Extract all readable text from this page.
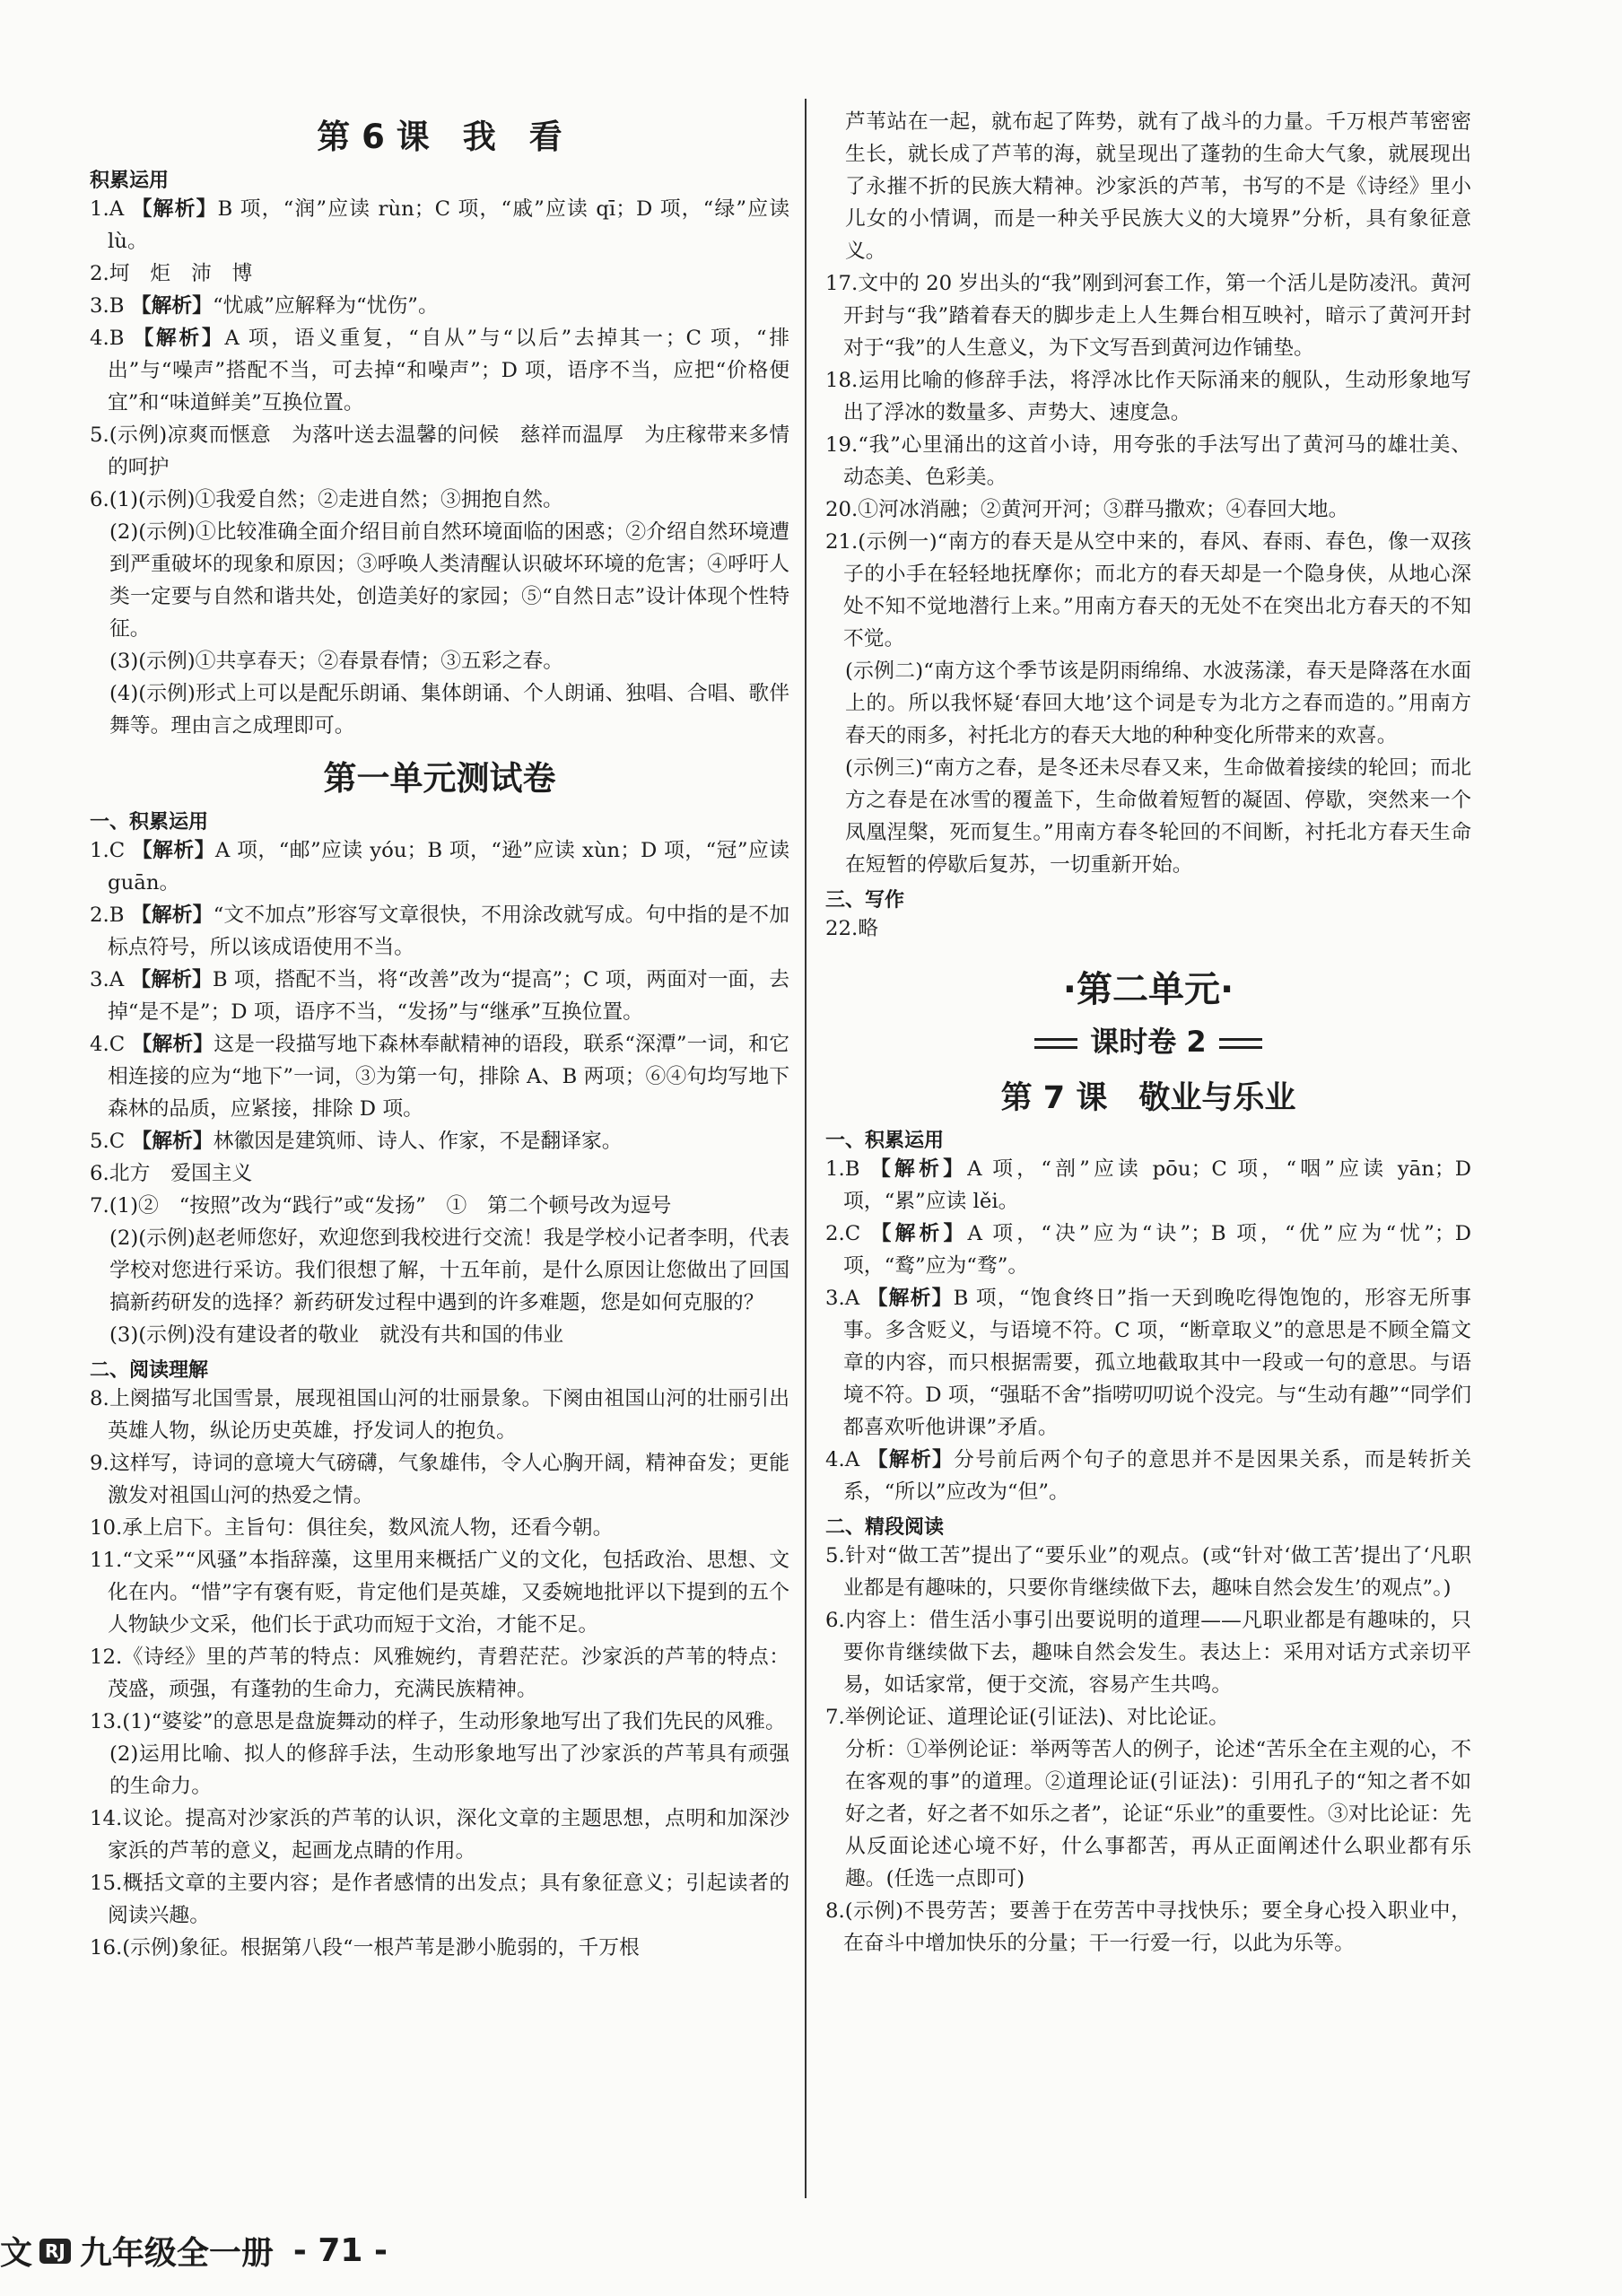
第 6 课　我　看
积累运用

1.A 【解析】B 项，“润”应读 rùn；C 项，“戚”应读 qī；D 项，“绿”应读 lù。

2.坷　炬　沛　博

3.B 【解析】“忧戚”应解释为“忧伤”。

4.B 【解析】A 项，语义重复，“自从”与“以后”去掉其一；C 项，“排出”与“噪声”搭配不当，可去掉“和噪声”；D 项，语序不当，应把“价格便宜”和“味道鲜美”互换位置。

5.(示例)凉爽而惬意　为落叶送去温馨的问候　慈祥而温厚　为庄稼带来多情的呵护

6.(1)(示例)①我爱自然；②走进自然；③拥抱自然。

(2)(示例)①比较准确全面介绍目前自然环境面临的困惑；②介绍自然环境遭到严重破坏的现象和原因；③呼唤人类清醒认识破坏环境的危害；④呼吁人类一定要与自然和谐共处，创造美好的家园；⑤“自然日志”设计体现个性特征。

(3)(示例)①共享春天；②春景春情；③五彩之春。

(4)(示例)形式上可以是配乐朗诵、集体朗诵、个人朗诵、独唱、合唱、歌伴舞等。理由言之成理即可。

第一单元测试卷
一、积累运用

1.C 【解析】A 项，“邮”应读 yóu；B 项，“逊”应读 xùn；D 项，“冠”应读 guān。

2.B 【解析】“文不加点”形容写文章很快，不用涂改就写成。句中指的是不加标点符号，所以该成语使用不当。

3.A 【解析】B 项，搭配不当，将“改善”改为“提高”；C 项，两面对一面，去掉“是不是”；D 项，语序不当，“发扬”与“继承”互换位置。

4.C 【解析】这是一段描写地下森林奉献精神的语段，联系“深潭”一词，和它相连接的应为“地下”一词，③为第一句，排除 A、B 两项；⑥④句均写地下森林的品质，应紧接，排除 D 项。

5.C 【解析】林徽因是建筑师、诗人、作家，不是翻译家。

6.北方　爱国主义

7.(1)②　“按照”改为“践行”或“发扬”　①　第二个顿号改为逗号

(2)(示例)赵老师您好，欢迎您到我校进行交流！我是学校小记者李明，代表学校对您进行采访。我们很想了解，十五年前，是什么原因让您做出了回国搞新药研发的选择？新药研发过程中遇到的许多难题，您是如何克服的？

(3)(示例)没有建设者的敬业　就没有共和国的伟业

二、阅读理解

8.上阕描写北国雪景，展现祖国山河的壮丽景象。下阕由祖国山河的壮丽引出英雄人物，纵论历史英雄，抒发词人的抱负。

9.这样写，诗词的意境大气磅礴，气象雄伟，令人心胸开阔，精神奋发；更能激发对祖国山河的热爱之情。

10.承上启下。主旨句：俱往矣，数风流人物，还看今朝。

11.“文采”“风骚”本指辞藻，这里用来概括广义的文化，包括政治、思想、文化在内。“惜”字有褒有贬，肯定他们是英雄，又委婉地批评以下提到的五个人物缺少文采，他们长于武功而短于文治，才能不足。

12.《诗经》里的芦苇的特点：风雅婉约，青碧茫茫。沙家浜的芦苇的特点：茂盛，顽强，有蓬勃的生命力，充满民族精神。

13.(1)“婆娑”的意思是盘旋舞动的样子，生动形象地写出了我们先民的风雅。

(2)运用比喻、拟人的修辞手法，生动形象地写出了沙家浜的芦苇具有顽强的生命力。

14.议论。提高对沙家浜的芦苇的认识，深化文章的主题思想，点明和加深沙家浜的芦苇的意义，起画龙点睛的作用。

15.概括文章的主要内容；是作者感情的出发点；具有象征意义；引起读者的阅读兴趣。

16.(示例)象征。根据第八段“一根芦苇是渺小脆弱的，千万根

芦苇站在一起，就布起了阵势，就有了战斗的力量。千万根芦苇密密生长，就长成了芦苇的海，就呈现出了蓬勃的生命大气象，就展现出了永摧不折的民族大精神。沙家浜的芦苇，书写的不是《诗经》里小儿女的小情调，而是一种关乎民族大义的大境界”分析，具有象征意义。

17.文中的 20 岁出头的“我”刚到河套工作，第一个活儿是防凌汛。黄河开封与“我”踏着春天的脚步走上人生舞台相互映衬，暗示了黄河开封对于“我”的人生意义，为下文写吾到黄河边作铺垫。

18.运用比喻的修辞手法，将浮冰比作天际涌来的舰队，生动形象地写出了浮冰的数量多、声势大、速度急。

19.“我”心里涌出的这首小诗，用夸张的手法写出了黄河马的雄壮美、动态美、色彩美。

20.①河冰消融；②黄河开河；③群马撒欢；④春回大地。

21.(示例一)“南方的春天是从空中来的，春风、春雨、春色，像一双孩子的小手在轻轻地抚摩你；而北方的春天却是一个隐身侠，从地心深处不知不觉地潜行上来。”用南方春天的无处不在突出北方春天的不知不觉。

(示例二)“南方这个季节该是阴雨绵绵、水波荡漾，春天是降落在水面上的。所以我怀疑‘春回大地’这个词是专为北方之春而造的。”用南方春天的雨多，衬托北方的春天大地的种种变化所带来的欢喜。

(示例三)“南方之春，是冬还未尽春又来，生命做着接续的轮回；而北方之春是在冰雪的覆盖下，生命做着短暂的凝固、停歇，突然来一个凤凰涅槃，死而复生。”用南方春冬轮回的不间断，衬托北方春天生命在短暂的停歇后复苏，一切重新开始。

三、写作

22.略

·第二单元·
课时卷 2
第 7 课　敬业与乐业
一、积累运用

1.B 【解析】A 项，“剖”应读 pōu；C 项，“咽”应读 yān；D 项，“累”应读 lěi。

2.C 【解析】A 项，“决”应为“诀”；B 项，“优”应为“忧”；D 项，“鹜”应为“骛”。

3.A 【解析】B 项，“饱食终日”指一天到晚吃得饱饱的，形容无所事事。多含贬义，与语境不符。C 项，“断章取义”的意思是不顾全篇文章的内容，而只根据需要，孤立地截取其中一段或一句的意思。与语境不符。D 项，“强聒不舍”指唠叨叨说个没完。与“生动有趣”“同学们都喜欢听他讲课”矛盾。

4.A 【解析】分号前后两个句子的意思并不是因果关系，而是转折关系，“所以”应改为“但”。

二、精段阅读

5.针对“做工苦”提出了“要乐业”的观点。(或“针对‘做工苦’提出了‘凡职业都是有趣味的，只要你肯继续做下去，趣味自然会发生’的观点”。)

6.内容上：借生活小事引出要说明的道理——凡职业都是有趣味的，只要你肯继续做下去，趣味自然会发生。表达上：采用对话方式亲切平易，如话家常，便于交流，容易产生共鸣。

7.举例论证、道理论证(引证法)、对比论证。

分析：①举例论证：举两等苦人的例子，论述“苦乐全在主观的心，不在客观的事”的道理。②道理论证(引证法)：引用孔子的“知之者不如好之者，好之者不如乐之者”，论证“乐业”的重要性。③对比论证：先从反面论述心境不好，什么事都苦，再从正面阐述什么职业都有乐趣。(任选一点即可)

8.(示例)不畏劳苦；要善于在劳苦中寻找快乐；要全身心投入职业中，在奋斗中增加快乐的分量；干一行爱一行，以此为乐等。

文 RJ 九年级全一册 - 71 -
